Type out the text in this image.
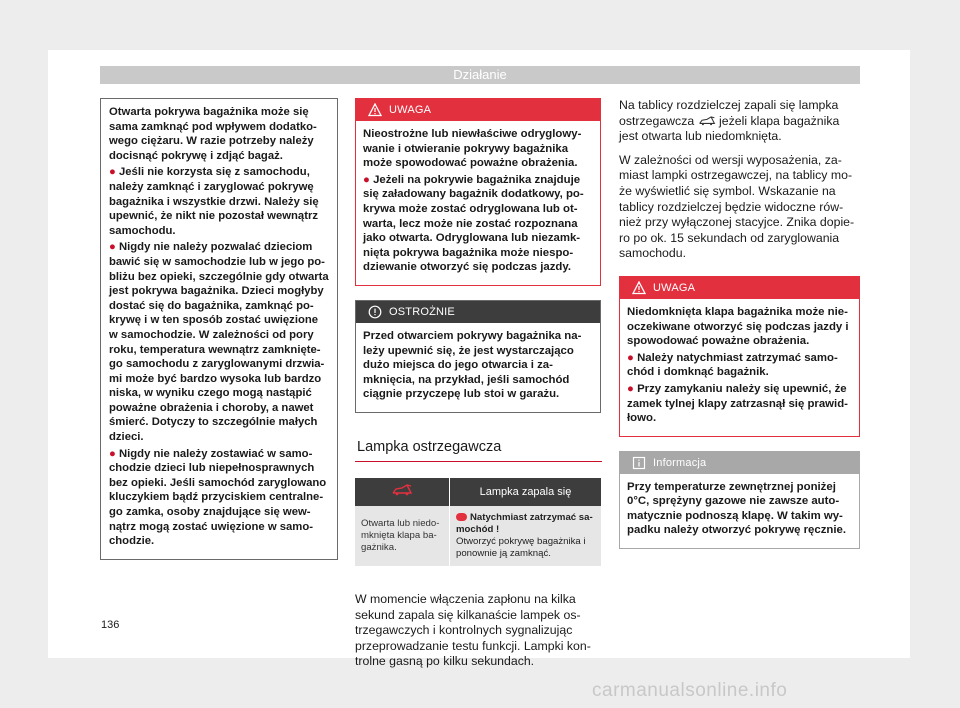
Działanie

Otwarta pokrywa bagażnika może się sama zamknąć pod wpływem dodatko-wego ciężaru. W razie potrzeby należy docisnąć pokrywę i zdjąć bagaż.

● Jeśli nie korzysta się z samochodu, należy zamknąć i zaryglować pokrywę bagażnika i wszystkie drzwi. Należy się upewnić, że nikt nie pozostał wewnątrz samochodu.

● Nigdy nie należy pozwalać dzieciom bawić się w samochodzie lub w jego po-bliżu bez opieki, szczególnie gdy otwarta jest pokrywa bagażnika. Dzieci mogłyby dostać się do bagażnika, zamknąć po-krywę i w ten sposób zostać uwięzione w samochodzie. W zależności od pory roku, temperatura wewnątrz zamknięte-go samochodu z zaryglowanymi drzwia-mi może być bardzo wysoka lub bardzo niska, w wyniku czego mogą nastąpić poważne obrażenia i choroby, a nawet śmierć. Dotyczy to szczególnie małych dzieci.

● Nigdy nie należy zostawiać w samo-chodzie dzieci lub niepełnosprawnych bez opieki. Jeśli samochód zaryglowano kluczykiem bądź przyciskiem centralne-go zamka, osoby znajdujące się wew-nątrz mogą zostać uwięzione w samo-chodzie.

UWAGA

Nieostrożne lub niewłaściwe odryglowy-wanie i otwieranie pokrywy bagażnika może spowodować poważne obrażenia.

● Jeżeli na pokrywie bagażnika znajduje się załadowany bagażnik dodatkowy, po-krywa może zostać odryglowana lub ot-warta, lecz może nie zostać rozpoznana jako otwarta. Odryglowana lub niezamk-nięta pokrywa bagażnika może niespo-dziewanie otworzyć się podczas jazdy.

OSTROŻNIE

Przed otwarciem pokrywy bagażnika na-leży upewnić się, że jest wystarczająco dużo miejsca do jego otwarcia i za-mknięcia, na przykład, jeśli samochód ciągnie przyczepę lub stoi w garażu.

Lampka ostrzegawcza
	Lampka zapala się
Otwarta lub niedo-mknięta klapa ba-gażnika.	Natychmiast zatrzymać sa-mochód !
Otworzyć pokrywę bagażnika i ponownie ją zamknąć.

W momencie włączenia zapłonu na kilka sekund zapala się kilkanaście lampek os-trzegawczych i kontrolnych sygnalizując przeprowadzanie testu funkcji. Lampki kon-trolne gasną po kilku sekundach.

Na tablicy rozdzielczej zapali się lampka ostrzegawcza jeżeli klapa bagażnika jest otwarta lub niedomknięta.

W zależności od wersji wyposażenia, za-miast lampki ostrzegawczej, na tablicy mo-że wyświetlić się symbol. Wskazanie na tablicy rozdzielczej będzie widoczne rów-nież przy wyłączonej stacyjce. Znika dopie-ro po ok. 15 sekundach od zaryglowania samochodu.

UWAGA

Niedomknięta klapa bagażnika może nie-oczekiwane otworzyć się podczas jazdy i spowodować poważne obrażenia.

● Należy natychmiast zatrzymać samo-chód i domknąć bagażnik.

● Przy zamykaniu należy się upewnić, że zamek tylnej klapy zatrzasnął się prawid-łowo.

Informacja

Przy temperaturze zewnętrznej poniżej 0°C, sprężyny gazowe nie zawsze auto-matycznie podnoszą klapę. W takim wy-padku należy otworzyć pokrywę ręcznie.

136
carmanualsonline.info
